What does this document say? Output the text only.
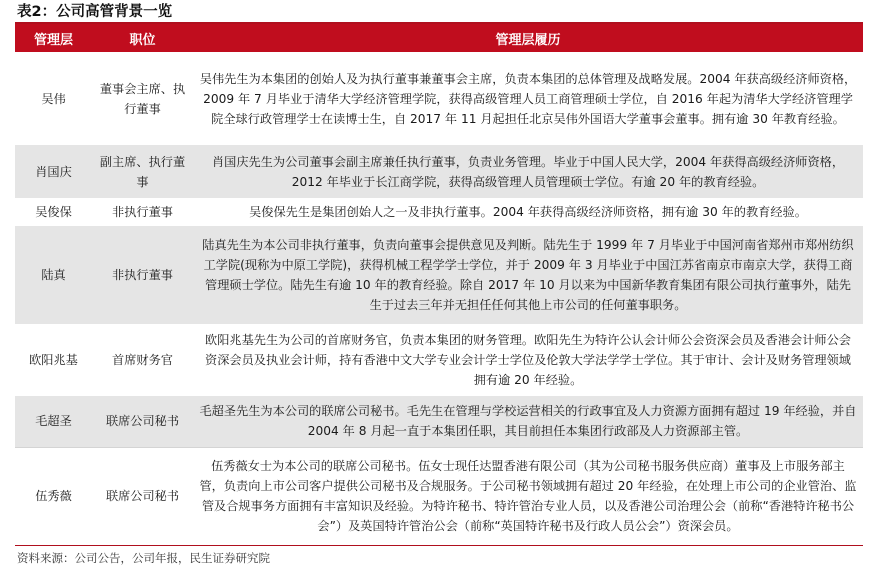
表2：公司高管背景一览
管理层	职位	管理层履历
吴伟	董事会主席、执行董事	吴伟先生为本集团的创始人及为执行董事兼董事会主席，负责本集团的总体管理及战略发展。2004 年获高级经济师资格，2009 年 7 月毕业于清华大学经济管理学院，获得高级管理人员工商管理硕士学位，自 2016 年起为清华大学经济管理学院全球行政管理学士在读博士生，自 2017 年 11 月起担任北京吴伟外国语大学董事会董事。拥有逾 30 年教育经验。
肖国庆	副主席、执行董事	肖国庆先生为公司董事会副主席兼任执行董事，负责业务管理。毕业于中国人民大学，2004 年获得高级经济师资格，2012 年毕业于长江商学院，获得高级管理人员管理硕士学位。有逾 20 年的教育经验。
吴俊保	非执行董事	吴俊保先生是集团创始人之一及非执行董事。2004 年获得高级经济师资格，拥有逾 30 年的教育经验。
陆真	非执行董事	陆真先生为本公司非执行董事，负责向董事会提供意见及判断。陆先生于 1999 年 7 月毕业于中国河南省郑州市郑州纺织工学院(现称为中原工学院)，获得机械工程学学士学位，并于 2009 年 3 月毕业于中国江苏省南京市南京大学，获得工商管理硕士学位。陆先生有逾 10 年的教育经验。除自 2017 年 10 月以来为中国新华教育集团有限公司执行董事外，陆先生于过去三年并无担任任何其他上市公司的任何董事职务。
欧阳兆基	首席财务官	欧阳兆基先生为公司的首席财务官，负责本集团的财务管理。欧阳先生为特许公认会计师公会资深会员及香港会计师公会资深会员及执业会计师，持有香港中文大学专业会计学士学位及伦敦大学法学学士学位。其于审计、会计及财务管理领域拥有逾 20 年经验。
毛超圣	联席公司秘书	毛超圣先生为本公司的联席公司秘书。毛先生在管理与学校运营相关的行政事宜及人力资源方面拥有超过 19 年经验，并自 2004 年 8 月起一直于本集团任职，其目前担任本集团行政部及人力资源部主管。
伍秀薇	联席公司秘书	伍秀薇女士为本公司的联席公司秘书。伍女士现任达盟香港有限公司（其为公司秘书服务供应商）董事及上市服务部主管，负责向上市公司客户提供公司秘书及合规服务。于公司秘书领域拥有超过 20 年经验，在处理上市公司的企业管治、监管及合规事务方面拥有丰富知识及经验。为特许秘书、特许管治专业人员，以及香港公司治理公会（前称“香港特许秘书公会”）及英国特许管治公会（前称“英国特许秘书及行政人员公会”）资深会员。
资料来源：公司公告，公司年报，民生证券研究院
